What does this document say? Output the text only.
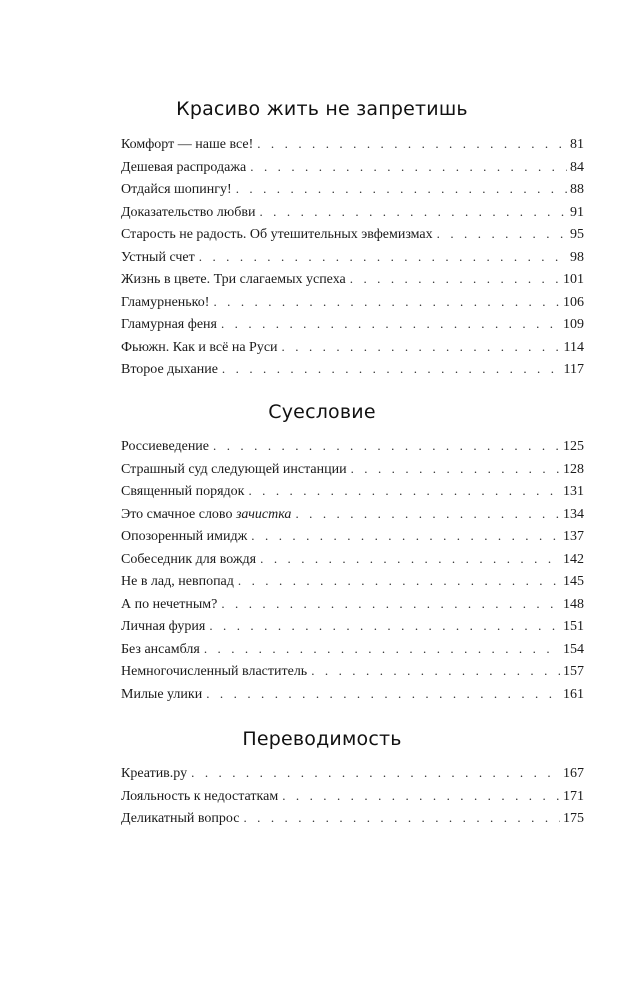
Красиво жить не запретишь
Комфорт — наше все! . . .	81
Дешевая распродажа . . .	84
Отдайся шопингу! . . .	88
Доказательство любви . . .	91
Старость не радость. Об утешительных эвфемизмах . . .	95
Устный счет . . .	98
Жизнь в цвете. Три слагаемых успеха . . .	101
Гламурненько! . . .	106
Гламурная феня . . .	109
Фьюжн. Как и всё на Руси . . .	114
Второе дыхание . . .	117
Суесловие
Россиеведение . . .	125
Страшный суд следующей инстанции . . .	128
Священный порядок . . .	131
Это смачное слово зачистка . . .	134
Опозоренный имидж . . .	137
Собеседник для вождя . . .	142
Не в лад, невпопад . . .	145
А по нечетным? . . .	148
Личная фурия . . .	151
Без ансамбля . . .	154
Немногочисленный властитель . . .	157
Милые улики . . .	161
Переводимость
Креатив.ру . . .	167
Лояльность к недостаткам . . .	171
Деликатный вопрос . . .	175
